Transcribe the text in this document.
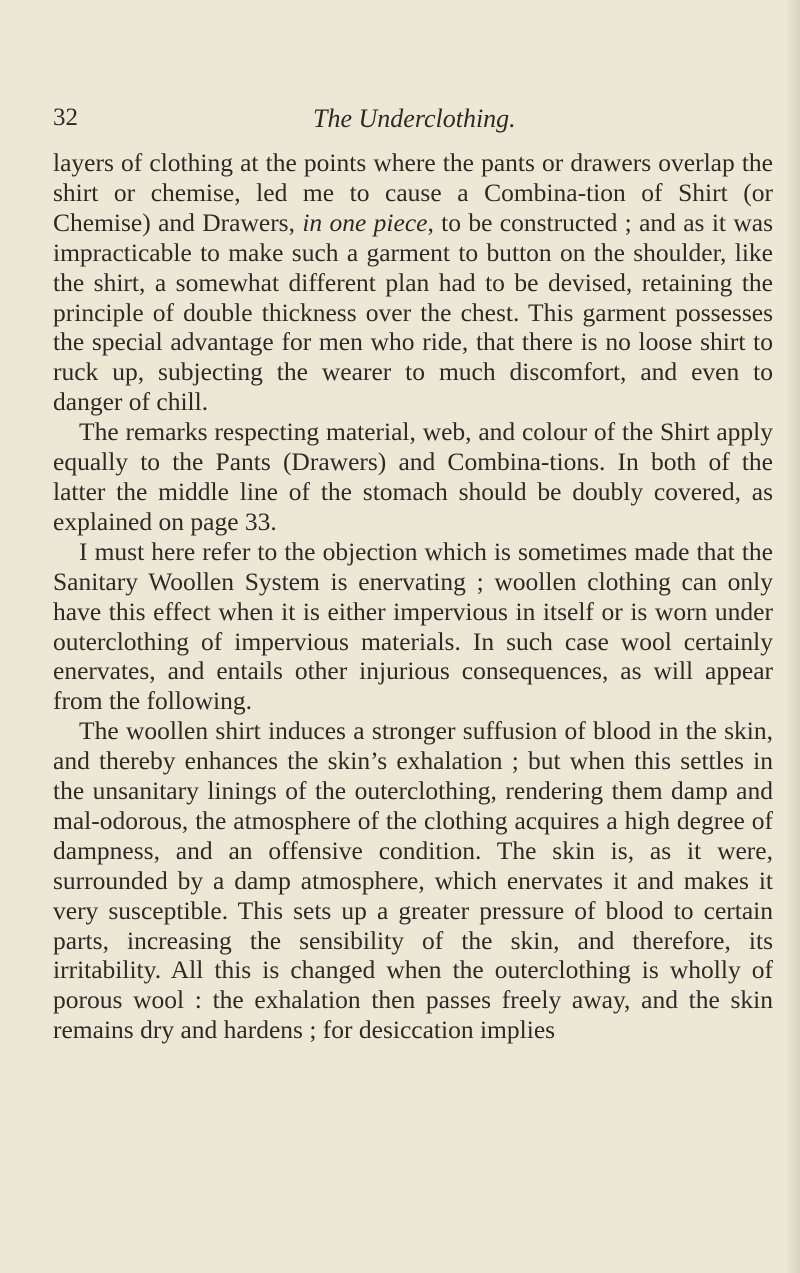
32	The Underclothing.

layers of clothing at the points where the pants or drawers overlap the shirt or chemise, led me to cause a Combina-tion of Shirt (or Chemise) and Drawers, in one piece, to be constructed ; and as it was impracticable to make such a garment to button on the shoulder, like the shirt, a somewhat different plan had to be devised, retaining the principle of double thickness over the chest. This garment possesses the special advantage for men who ride, that there is no loose shirt to ruck up, subjecting the wearer to much discomfort, and even to danger of chill.

The remarks respecting material, web, and colour of the Shirt apply equally to the Pants (Drawers) and Combina-tions. In both of the latter the middle line of the stomach should be doubly covered, as explained on page 33.

I must here refer to the objection which is sometimes made that the Sanitary Woollen System is enervating ; woollen clothing can only have this effect when it is either impervious in itself or is worn under outerclothing of impervious materials. In such case wool certainly enervates, and entails other injurious consequences, as will appear from the following.

The woollen shirt induces a stronger suffusion of blood in the skin, and thereby enhances the skin’s exhalation ; but when this settles in the unsanitary linings of the outerclothing, rendering them damp and mal-odorous, the atmosphere of the clothing acquires a high degree of dampness, and an offensive condition. The skin is, as it were, surrounded by a damp atmosphere, which enervates it and makes it very susceptible. This sets up a greater pressure of blood to certain parts, increasing the sensibility of the skin, and therefore, its irritability. All this is changed when the outerclothing is wholly of porous wool : the exhalation then passes freely away, and the skin remains dry and hardens ; for desiccation implies
